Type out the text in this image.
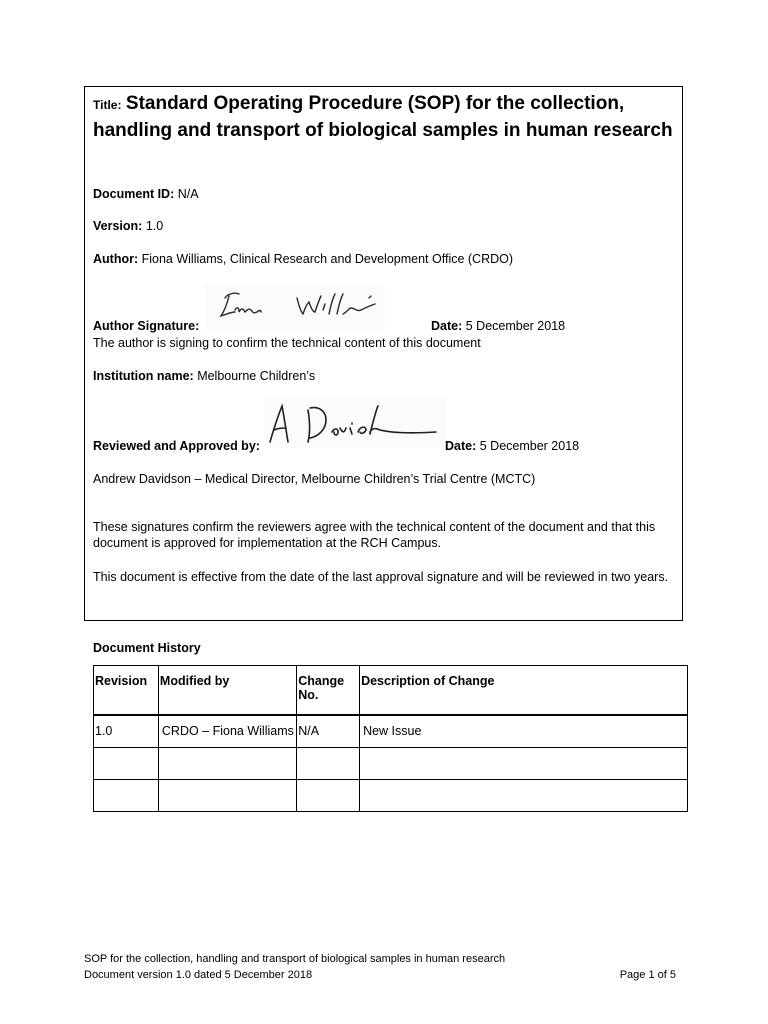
Title: Standard Operating Procedure (SOP) for the collection, handling and transport of biological samples in human research
Document ID: N/A
Version: 1.0
Author: Fiona Williams, Clinical Research and Development Office (CRDO)
Author Signature:	Date: 5 December 2018
The author is signing to confirm the technical content of this document
Institution name: Melbourne Children’s
Reviewed and Approved by:	Date: 5 December 2018
Andrew Davidson – Medical Director, Melbourne Children’s Trial Centre (MCTC)
These signatures confirm the reviewers agree with the technical content of the document and that this document is approved for implementation at the RCH Campus.
This document is effective from the date of the last approval signature and will be reviewed in two years.
Document History
Revision	Modified by	Change No.	Description of Change
1.0	CRDO – Fiona Williams	N/A	New Issue

SOP for the collection, handling and transport of biological samples in human research
Document version 1.0 dated 5 December 2018	Page 1 of 5
